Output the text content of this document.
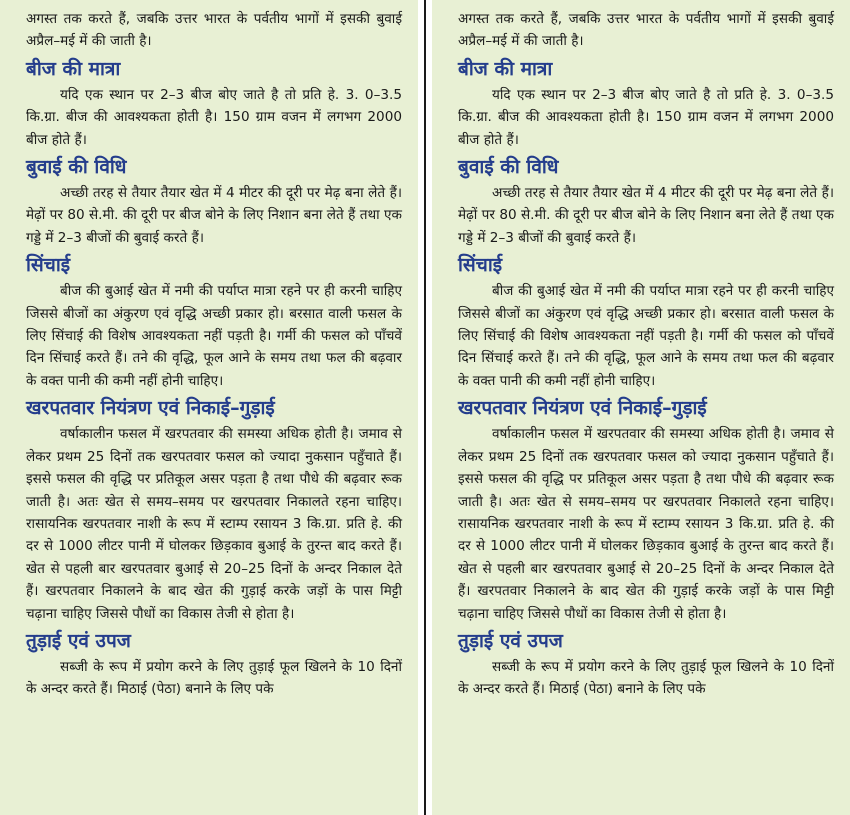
अगस्त तक करते हैं, जबकि उत्तर भारत के पर्वतीय भागों में इसकी बुवाई अप्रैल–मई में की जाती है।

बीज की मात्रा

यदि एक स्थान पर 2–3 बीज बोए जाते है तो प्रति हे. 3. 0–3.5 कि.ग्रा. बीज की आवश्यकता होती है। 150 ग्राम वजन में लगभग 2000 बीज होते हैं।

बुवाई की विधि

अच्छी तरह से तैयार तैयार खेत में 4 मीटर की दूरी पर मेढ़ बना लेते हैं। मेढ़ों पर 80 से.मी. की दूरी पर बीज बोने के लिए निशान बना लेते हैं तथा एक गड्डे में 2–3 बीजों की बुवाई करते हैं।

सिंचाई

बीज की बुआई खेत में नमी की पर्याप्त मात्रा रहने पर ही करनी चाहिए जिससे बीजों का अंकुरण एवं वृद्धि अच्छी प्रकार हो। बरसात वाली फसल के लिए सिंचाई की विशेष आवश्यकता नहीं पड़ती है। गर्मी की फसल को पाँचवें दिन सिंचाई करते हैं। तने की वृद्धि, फूल आने के समय तथा फल की बढ़वार के वक्त पानी की कमी नहीं होनी चाहिए।

खरपतवार नियंत्रण एवं निकाई–गुड़ाई

वर्षाकालीन फसल में खरपतवार की समस्या अधिक होती है। जमाव से लेकर प्रथम 25 दिनों तक खरपतवार फसल को ज्यादा नुकसान पहुँचाते हैं। इससे फसल की वृद्धि पर प्रतिकूल असर पड़ता है तथा पौधे की बढ़वार रूक जाती है। अतः खेत से समय–समय पर खरपतवार निकालते रहना चाहिए। रासायनिक खरपतवार नाशी के रूप में स्टाम्प रसायन 3 कि.ग्रा. प्रति हे. की दर से 1000 लीटर पानी में घोलकर छिड़काव बुआई के तुरन्त बाद करते हैं। खेत से पहली बार खरपतवार बुआई से 20–25 दिनों के अन्दर निकाल देते हैं। खरपतवार निकालने के बाद खेत की गुड़ाई करके जड़ों के पास मिट्टी चढ़ाना चाहिए जिससे पौधों का विकास तेजी से होता है।

तुड़ाई एवं उपज

सब्जी के रूप में प्रयोग करने के लिए तुड़ाई फूल खिलने के 10 दिनों के अन्दर करते हैं। मिठाई (पेठा) बनाने के लिए पके

अगस्त तक करते हैं, जबकि उत्तर भारत के पर्वतीय भागों में इसकी बुवाई अप्रैल–मई में की जाती है।

बीज की मात्रा

यदि एक स्थान पर 2–3 बीज बोए जाते है तो प्रति हे. 3. 0–3.5 कि.ग्रा. बीज की आवश्यकता होती है। 150 ग्राम वजन में लगभग 2000 बीज होते हैं।

बुवाई की विधि

अच्छी तरह से तैयार तैयार खेत में 4 मीटर की दूरी पर मेढ़ बना लेते हैं। मेढ़ों पर 80 से.मी. की दूरी पर बीज बोने के लिए निशान बना लेते हैं तथा एक गड्डे में 2–3 बीजों की बुवाई करते हैं।

सिंचाई

बीज की बुआई खेत में नमी की पर्याप्त मात्रा रहने पर ही करनी चाहिए जिससे बीजों का अंकुरण एवं वृद्धि अच्छी प्रकार हो। बरसात वाली फसल के लिए सिंचाई की विशेष आवश्यकता नहीं पड़ती है। गर्मी की फसल को पाँचवें दिन सिंचाई करते हैं। तने की वृद्धि, फूल आने के समय तथा फल की बढ़वार के वक्त पानी की कमी नहीं होनी चाहिए।

खरपतवार नियंत्रण एवं निकाई–गुड़ाई

वर्षाकालीन फसल में खरपतवार की समस्या अधिक होती है। जमाव से लेकर प्रथम 25 दिनों तक खरपतवार फसल को ज्यादा नुकसान पहुँचाते हैं। इससे फसल की वृद्धि पर प्रतिकूल असर पड़ता है तथा पौधे की बढ़वार रूक जाती है। अतः खेत से समय–समय पर खरपतवार निकालते रहना चाहिए। रासायनिक खरपतवार नाशी के रूप में स्टाम्प रसायन 3 कि.ग्रा. प्रति हे. की दर से 1000 लीटर पानी में घोलकर छिड़काव बुआई के तुरन्त बाद करते हैं। खेत से पहली बार खरपतवार बुआई से 20–25 दिनों के अन्दर निकाल देते हैं। खरपतवार निकालने के बाद खेत की गुड़ाई करके जड़ों के पास मिट्टी चढ़ाना चाहिए जिससे पौधों का विकास तेजी से होता है।

तुड़ाई एवं उपज

सब्जी के रूप में प्रयोग करने के लिए तुड़ाई फूल खिलने के 10 दिनों के अन्दर करते हैं। मिठाई (पेठा) बनाने के लिए पके
